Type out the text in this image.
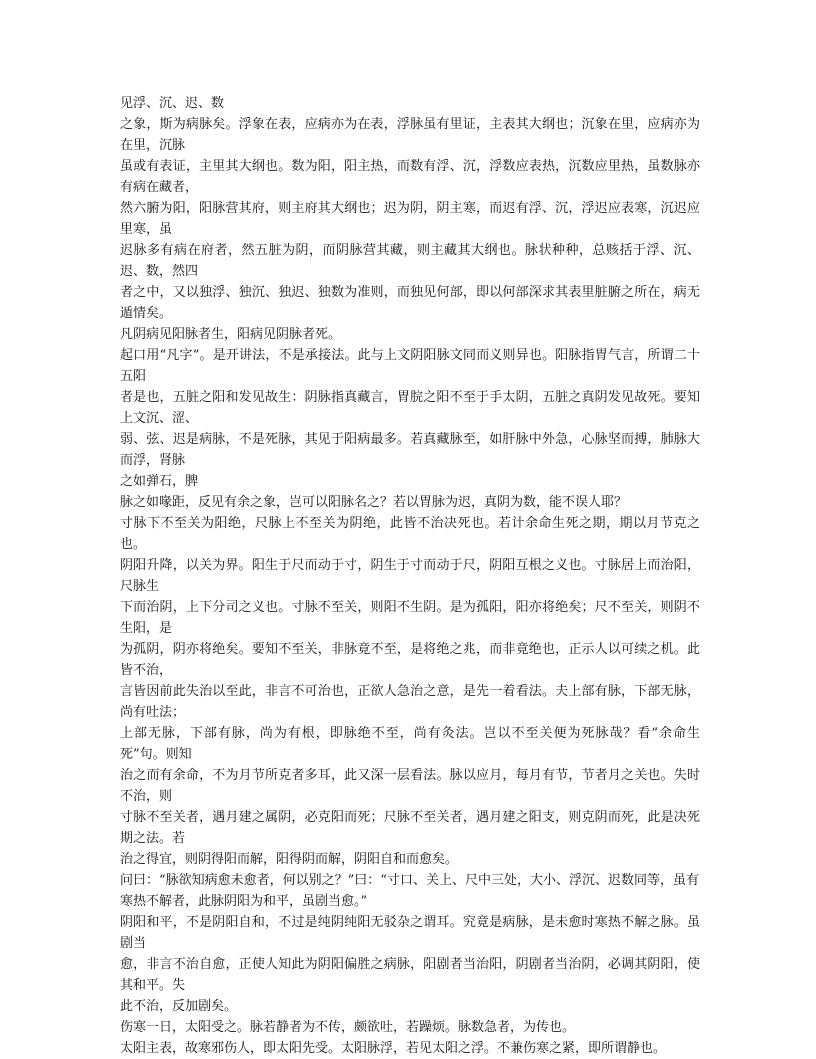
见浮、沉、迟、数
之象，斯为病脉矣。浮象在表，应病亦为在表，浮脉虽有里证，主表其大纲也；沉象在里，应病亦为在里，沉脉
虽或有表证，主里其大纲也。数为阳，阳主热，而数有浮、沉，浮数应表热，沉数应里热，虽数脉亦有病在藏者，
然六腑为阳，阳脉营其府，则主府其大纲也；迟为阴，阴主寒，而迟有浮、沉，浮迟应表寒，沉迟应里寒，虽
迟脉多有病在府者，然五脏为阴，而阴脉营其藏，则主藏其大纲也。脉状种种，总赅括于浮、沉、迟、数，然四
者之中，又以独浮、独沉、独迟、独数为准则，而独见何部，即以何部深求其表里脏腑之所在，病无遁情矣。
凡阴病见阳脉者生，阳病见阴脉者死。
起口用“凡字”。是开讲法，不是承接法。此与上文阴阳脉文同而义则异也。阳脉指胃气言，所谓二十五阳
者是也，五脏之阳和发见故生：阴脉指真藏言，胃脘之阳不至于手太阴，五脏之真阴发见故死。要知上文沉、涩、
弱、弦、迟是病脉，不是死脉，其见于阳病最多。若真藏脉至，如肝脉中外急，心脉坚而搏，肺脉大而浮，肾脉
之如弹石，脾
脉之如喙距，反见有余之象，岂可以阳脉名之？若以胃脉为迟，真阴为数，能不误人耶？
寸脉下不至关为阳绝，尺脉上不至关为阴绝，此皆不治决死也。若计余命生死之期，期以月节克之也。
阴阳升降，以关为界。阳生于尺而动于寸，阴生于寸而动于尺，阴阳互根之义也。寸脉居上而治阳，尺脉生
下而治阴，上下分司之义也。寸脉不至关，则阳不生阴。是为孤阳，阳亦将绝矣；尺不至关，则阴不生阳，是
为孤阴，阴亦将绝矣。要知不至关，非脉竟不至，是将绝之兆，而非竟绝也，正示人以可续之机。此皆不治，
言皆因前此失治以至此，非言不可治也，正欲人急治之意，是先一着看法。夫上部有脉，下部无脉，尚有吐法；
上部无脉，下部有脉，尚为有根，即脉绝不至，尚有灸法。岂以不至关便为死脉哉？看“余命生死”句。则知
治之而有余命，不为月节所克者多耳，此又深一层看法。脉以应月，每月有节，节者月之关也。失时不治，则
寸脉不至关者，遇月建之属阴，必克阳而死；尺脉不至关者，遇月建之阳支，则克阴而死，此是决死期之法。若
治之得宜，则阴得阳而解，阳得阴而解，阴阳自和而愈矣。
问曰：“脉欲知病愈未愈者，何以别之？”曰：“寸口、关上、尺中三处，大小、浮沉、迟数同等，虽有
寒热不解者，此脉阴阳为和平，虽剧当愈。”
阴阳和平，不是阴阳自和，不过是纯阴纯阳无驳杂之谓耳。究竟是病脉，是未愈时寒热不解之脉。虽剧当
愈，非言不治自愈，正使人知此为阴阳偏胜之病脉，阳剧者当治阳，阴剧者当治阴，必调其阴阳，使其和平。失
此不治，反加剧矣。
伤寒一日，太阳受之。脉若静者为不传，颇欲吐，若躁烦。脉数急者，为传也。
太阳主表，故寒邪伤人，即太阳先受。太阳脉浮，若见太阳之浮。不兼伤寒之紧，即所谓静也。
